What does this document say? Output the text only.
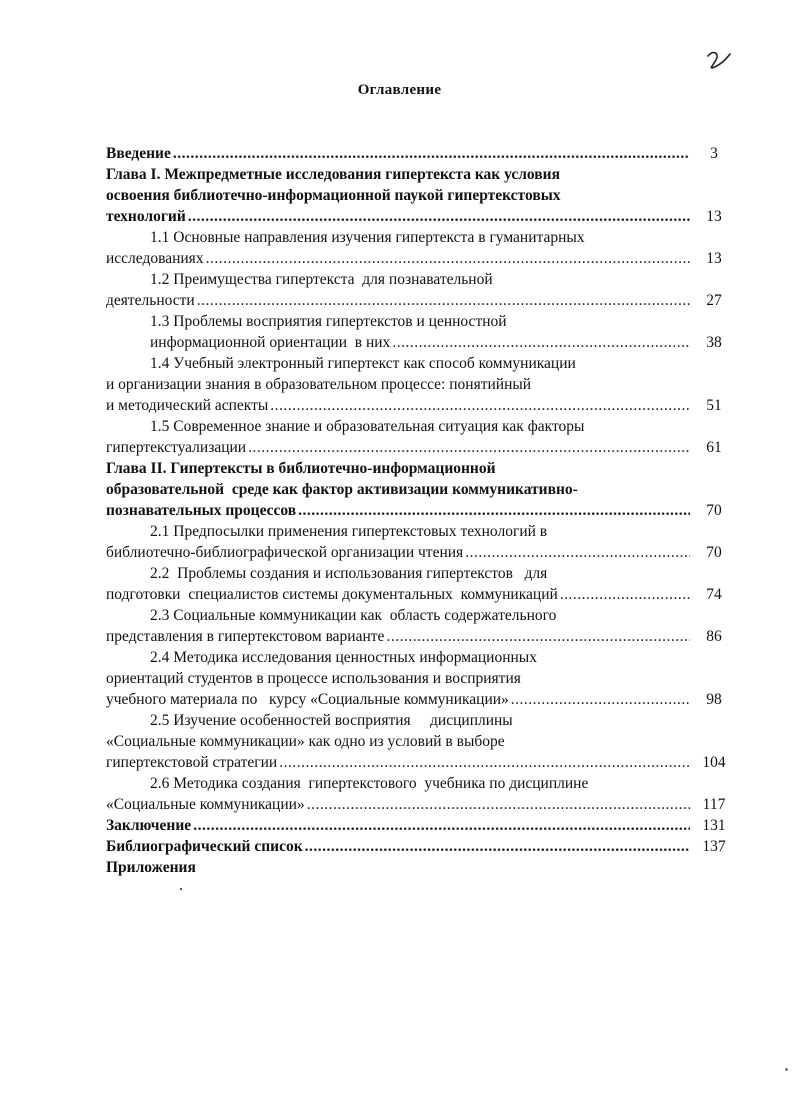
Оглавление
Введение .....	3
Глава I. Межпредметные исследования гипертекста как условия
освоения библиотечно-информационной паукой гипертекстовых
технологий .....	13
1.1 Основные направления изучения гипертекста в гуманитарных
исследованиях .....	13
1.2 Преимущества гипертекста  для познавательной
деятельности .....	27
1.3 Проблемы восприятия гипертекстов и ценностной
информационной ориентации  в них .....	38
1.4 Учебный электронный гипертекст как способ коммуникации
и организации знания в образовательном процессе: понятийный
и методический аспекты .....	51
1.5 Современное знание и образовательная ситуация как факторы
гипертекстуализации .....	61
Глава II. Гипертексты в библиотечно-информационной
образовательной  среде как фактор активизации коммуникативно-
познавательных процессов .....	70
2.1 Предпосылки применения гипертекстовых технологий в
библиотечно-библиографической организации чтения .....	70
2.2  Проблемы создания и использования гипертекстов   для
подготовки  специалистов системы документальных  коммуникаций .....	74
2.3 Социальные коммуникации как  область содержательного
представления в гипертекстовом варианте .....	86
2.4 Методика исследования ценностных информационных
ориентаций студентов в процессе использования и восприятия
учебного материала по   курсу «Социальные коммуникации» .....	98
2.5 Изучение особенностей восприятия     дисциплины
«Социальные коммуникации» как одно из условий в выборе
гипертекстовой стратегии .....	104
2.6 Методика создания  гипертекстового  учебника по дисциплине
«Социальные коммуникации» .....	117
Заключение .....	131
Библиографический список .....	137
Приложения
